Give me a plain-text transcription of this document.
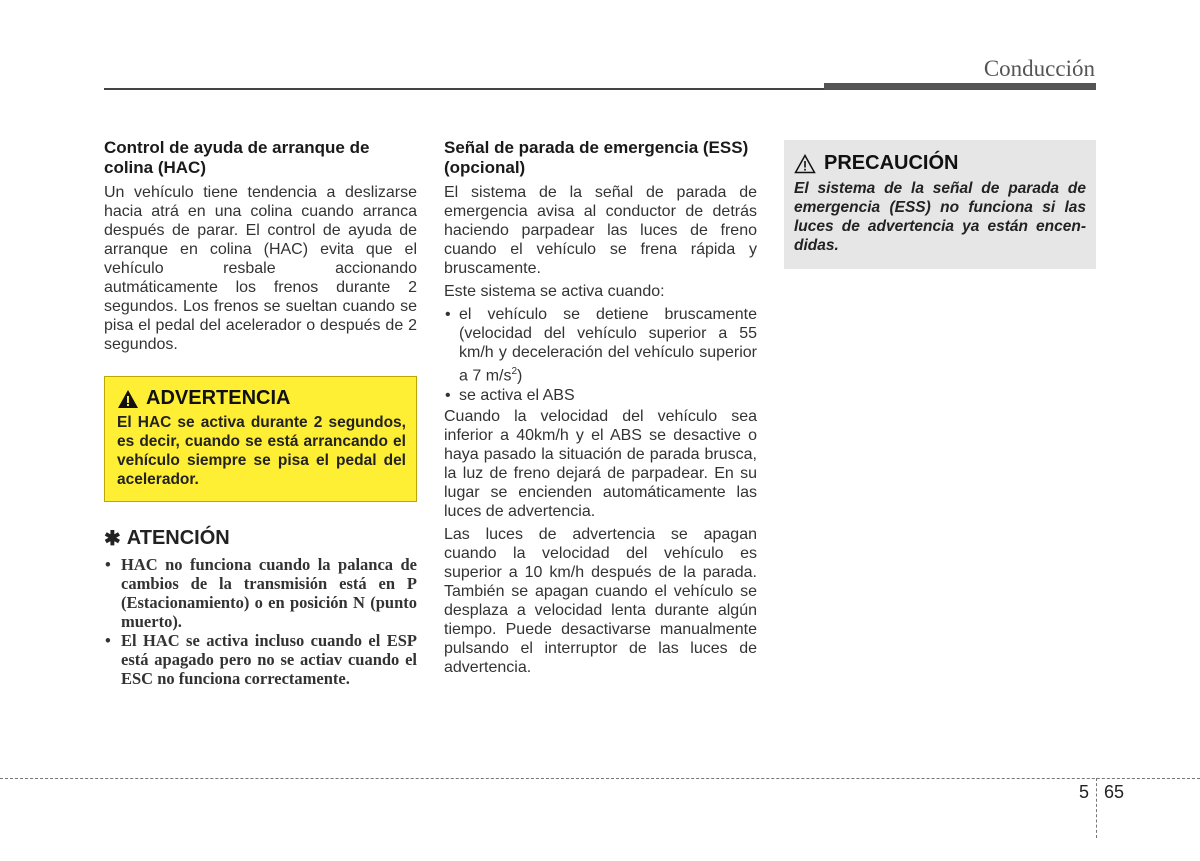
Conducción
Control de ayuda de arranque de colina (HAC)

Un vehículo tiene tendencia a deslizarse hacia atrá en una colina cuando arranca después de parar. El control de ayuda de arranque en colina (HAC) evita que el vehículo resbale accionando autmáticamente los frenos durante 2 segundos. Los frenos se sueltan cuando se pisa el pedal del acelerador o después de 2 segundos.

ADVERTENCIA
El HAC se activa durante 2 segundos, es decir, cuando se está arrancando el vehículo siempre se pisa el pedal del acelerador.
✱ ATENCIÓN
• HAC no funciona cuando la palanca de cambios de la transmisión está en P (Estacionamiento) o en posición N (punto muerto).
• El HAC se activa incluso cuando el ESP está apagado pero no se actiav cuando el ESC no funciona correctamente.
Señal de parada de emergencia (ESS) (opcional)

El sistema de la señal de parada de emergencia avisa al conductor de detrás haciendo parpadear las luces de freno cuando el vehículo se frena rápida y bruscamente.

Este sistema se activa cuando:

• el vehículo se detiene bruscamente (velocidad del vehículo superior a 55 km/h y deceleración del vehículo superior a 7 $m/s^2$)
• se activa el ABS

Cuando la velocidad del vehículo sea inferior a 40km/h y el ABS se desactive o haya pasado la situación de parada brusca, la luz de freno dejará de parpadear. En su lugar se encienden automáticamente las luces de advertencia.

Las luces de advertencia se apagan cuando la velocidad del vehículo es superior a 10 km/h después de la parada. También se apagan cuando el vehículo se desplaza a velocidad lenta durante algún tiempo. Puede desactivarse manualmente pulsando el interruptor de las luces de advertencia.

PRECAUCIÓN
El sistema de la señal de parada de emergencia (ESS) no funciona si las luces de advertencia ya están encen-didas.
5 65
